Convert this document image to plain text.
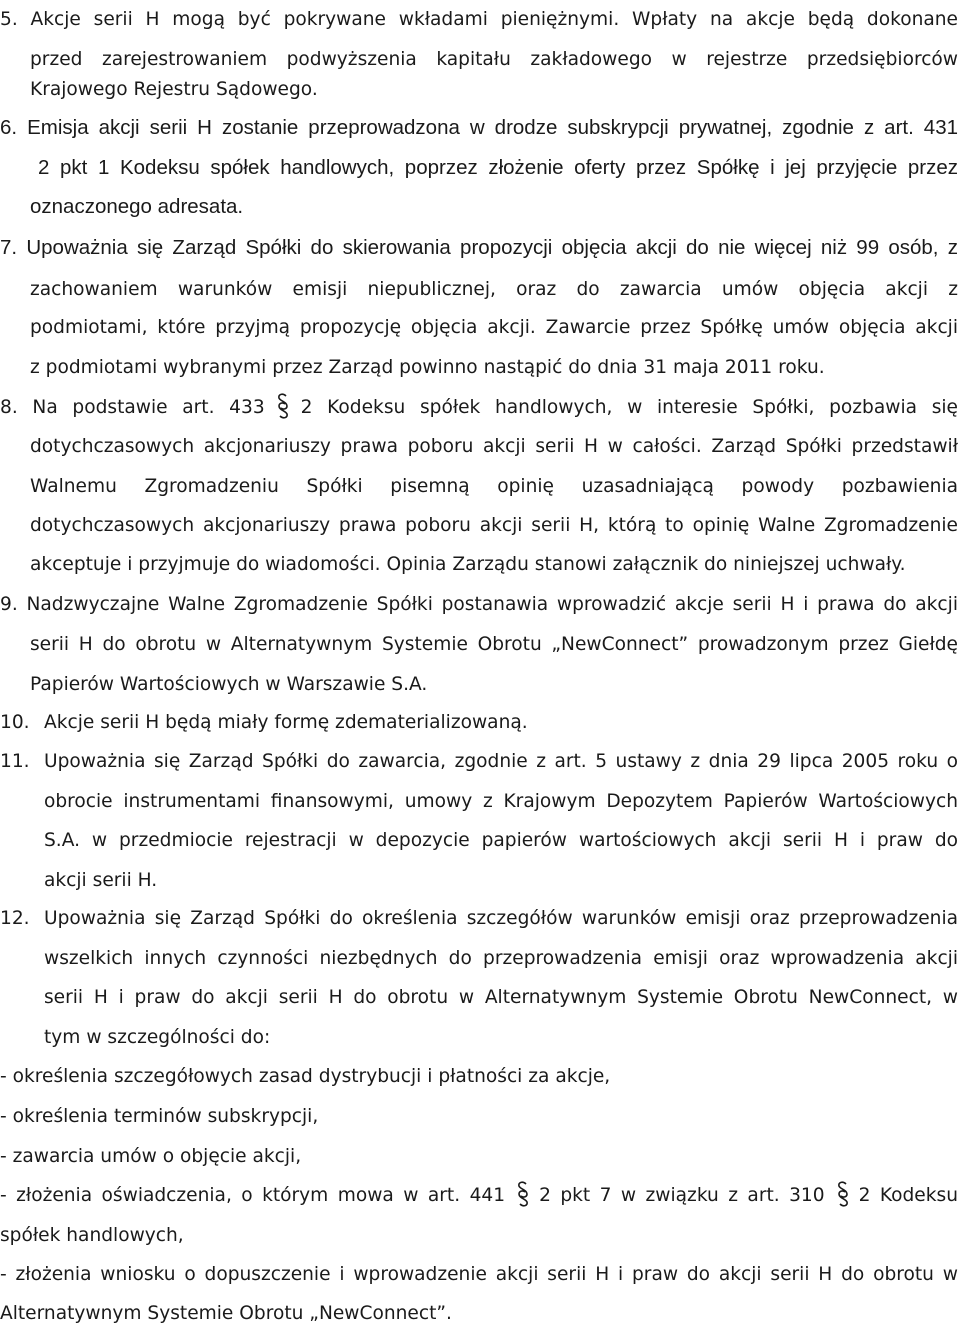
5. Akcje serii H mogą być pokrywane wkładami pieniężnymi. Wpłaty na akcje będą dokonane
przed zarejestrowaniem podwyższenia kapitału zakładowego w rejestrze przedsiębiorców
Krajowego Rejestru Sądowego.
6. Emisja akcji serii H zostanie przeprowadzona w drodze subskrypcji prywatnej, zgodnie z art. 431
2 pkt 1 Kodeksu spółek handlowych, poprzez złożenie oferty przez Spółkę i jej przyjęcie przez
oznaczonego adresata.
7. Upoważnia się Zarząd Spółki do skierowania propozycji objęcia akcji do nie więcej niż 99 osób, z
zachowaniem warunków emisji niepublicznej, oraz do zawarcia umów objęcia akcji z
podmiotami, które przyjmą propozycję objęcia akcji. Zawarcie przez Spółkę umów objęcia akcji
z podmiotami wybranymi przez Zarząd powinno nastąpić do dnia 31 maja 2011 roku.
8. Na podstawie art. 433 2 Kodeksu spółek handlowych, w interesie Spółki, pozbawia się
dotychczasowych akcjonariuszy prawa poboru akcji serii H w całości. Zarząd Spółki przedstawił
Walnemu Zgromadzeniu Spółki pisemną opinię uzasadniającą powody pozbawienia
dotychczasowych akcjonariuszy prawa poboru akcji serii H, którą to opinię Walne Zgromadzenie
akceptuje i przyjmuje do wiadomości. Opinia Zarządu stanowi załącznik do niniejszej uchwały.
9. Nadzwyczajne Walne Zgromadzenie Spółki postanawia wprowadzić akcje serii H i prawa do akcji
serii H do obrotu w Alternatywnym Systemie Obrotu „NewConnect” prowadzonym przez Giełdę
Papierów Wartościowych w Warszawie S.A.
10. Akcje serii H będą miały formę zdematerializowaną.
11. Upoważnia się Zarząd Spółki do zawarcia, zgodnie z art. 5 ustawy z dnia 29 lipca 2005 roku o
obrocie instrumentami finansowymi, umowy z Krajowym Depozytem Papierów Wartościowych
S.A. w przedmiocie rejestracji w depozycie papierów wartościowych akcji serii H i praw do
akcji serii H.
12. Upoważnia się Zarząd Spółki do określenia szczegółów warunków emisji oraz przeprowadzenia
wszelkich innych czynności niezbędnych do przeprowadzenia emisji oraz wprowadzenia akcji
serii H i praw do akcji serii H do obrotu w Alternatywnym Systemie Obrotu NewConnect, w
tym w szczególności do:
- określenia szczegółowych zasad dystrybucji i płatności za akcje,
- określenia terminów subskrypcji,
- zawarcia umów o objęcie akcji,
- złożenia oświadczenia, o którym mowa w art. 441 2 pkt 7 w związku z art. 310 2 Kodeksu
spółek handlowych,
- złożenia wniosku o dopuszczenie i wprowadzenie akcji serii H i praw do akcji serii H do obrotu w
Alternatywnym Systemie Obrotu „NewConnect”.
